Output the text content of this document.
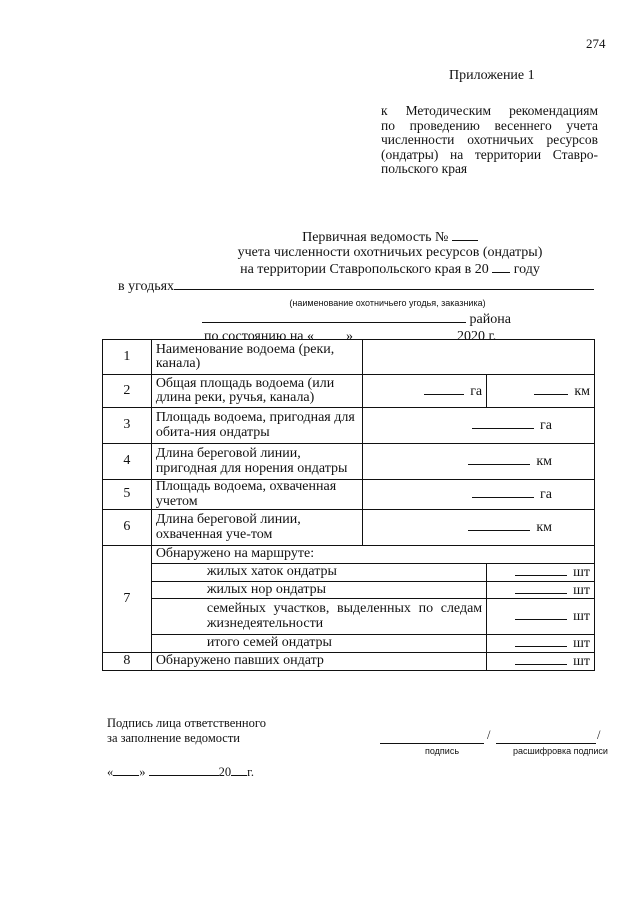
274
Приложение 1
к Методическим рекомендациям
по проведению весеннего учета
численности охотничьих ресурсов
(ондатры) на территории Ставро-
польского края
Первичная ведомость №
учета численности охотничьих ресурсов (ондатры)
на территории Ставропольского края в 20 году
в угодьях
(наименование охотничьего угодья, заказника)
района
по состоянию на « »	2020 г.
1	Наименование водоема (реки, канала)		
2	Общая площадь водоема (или длина реки, ручья, канала)	га	км
3	Площадь водоема, пригодная для обита-ния ондатры	га	
4	Длина береговой линии, пригодная для норения ондатры	км	
5	Площадь водоема, охваченная учетом	га	
6	Длина береговой линии, охваченная уче-том	км	
7	Обнаружено на маршруте:		
	жилых хаток ондатры		шт
	жилых нор ондатры		шт
	семейных участков, выделенных по следам жизнедеятельности		шт
	итого семей ондатры		шт
8	Обнаружено павших ондатр		шт
Подпись лица ответственного
за заполнение ведомости	/	/
подпись	расшифровка подписи
« »	20 г.
